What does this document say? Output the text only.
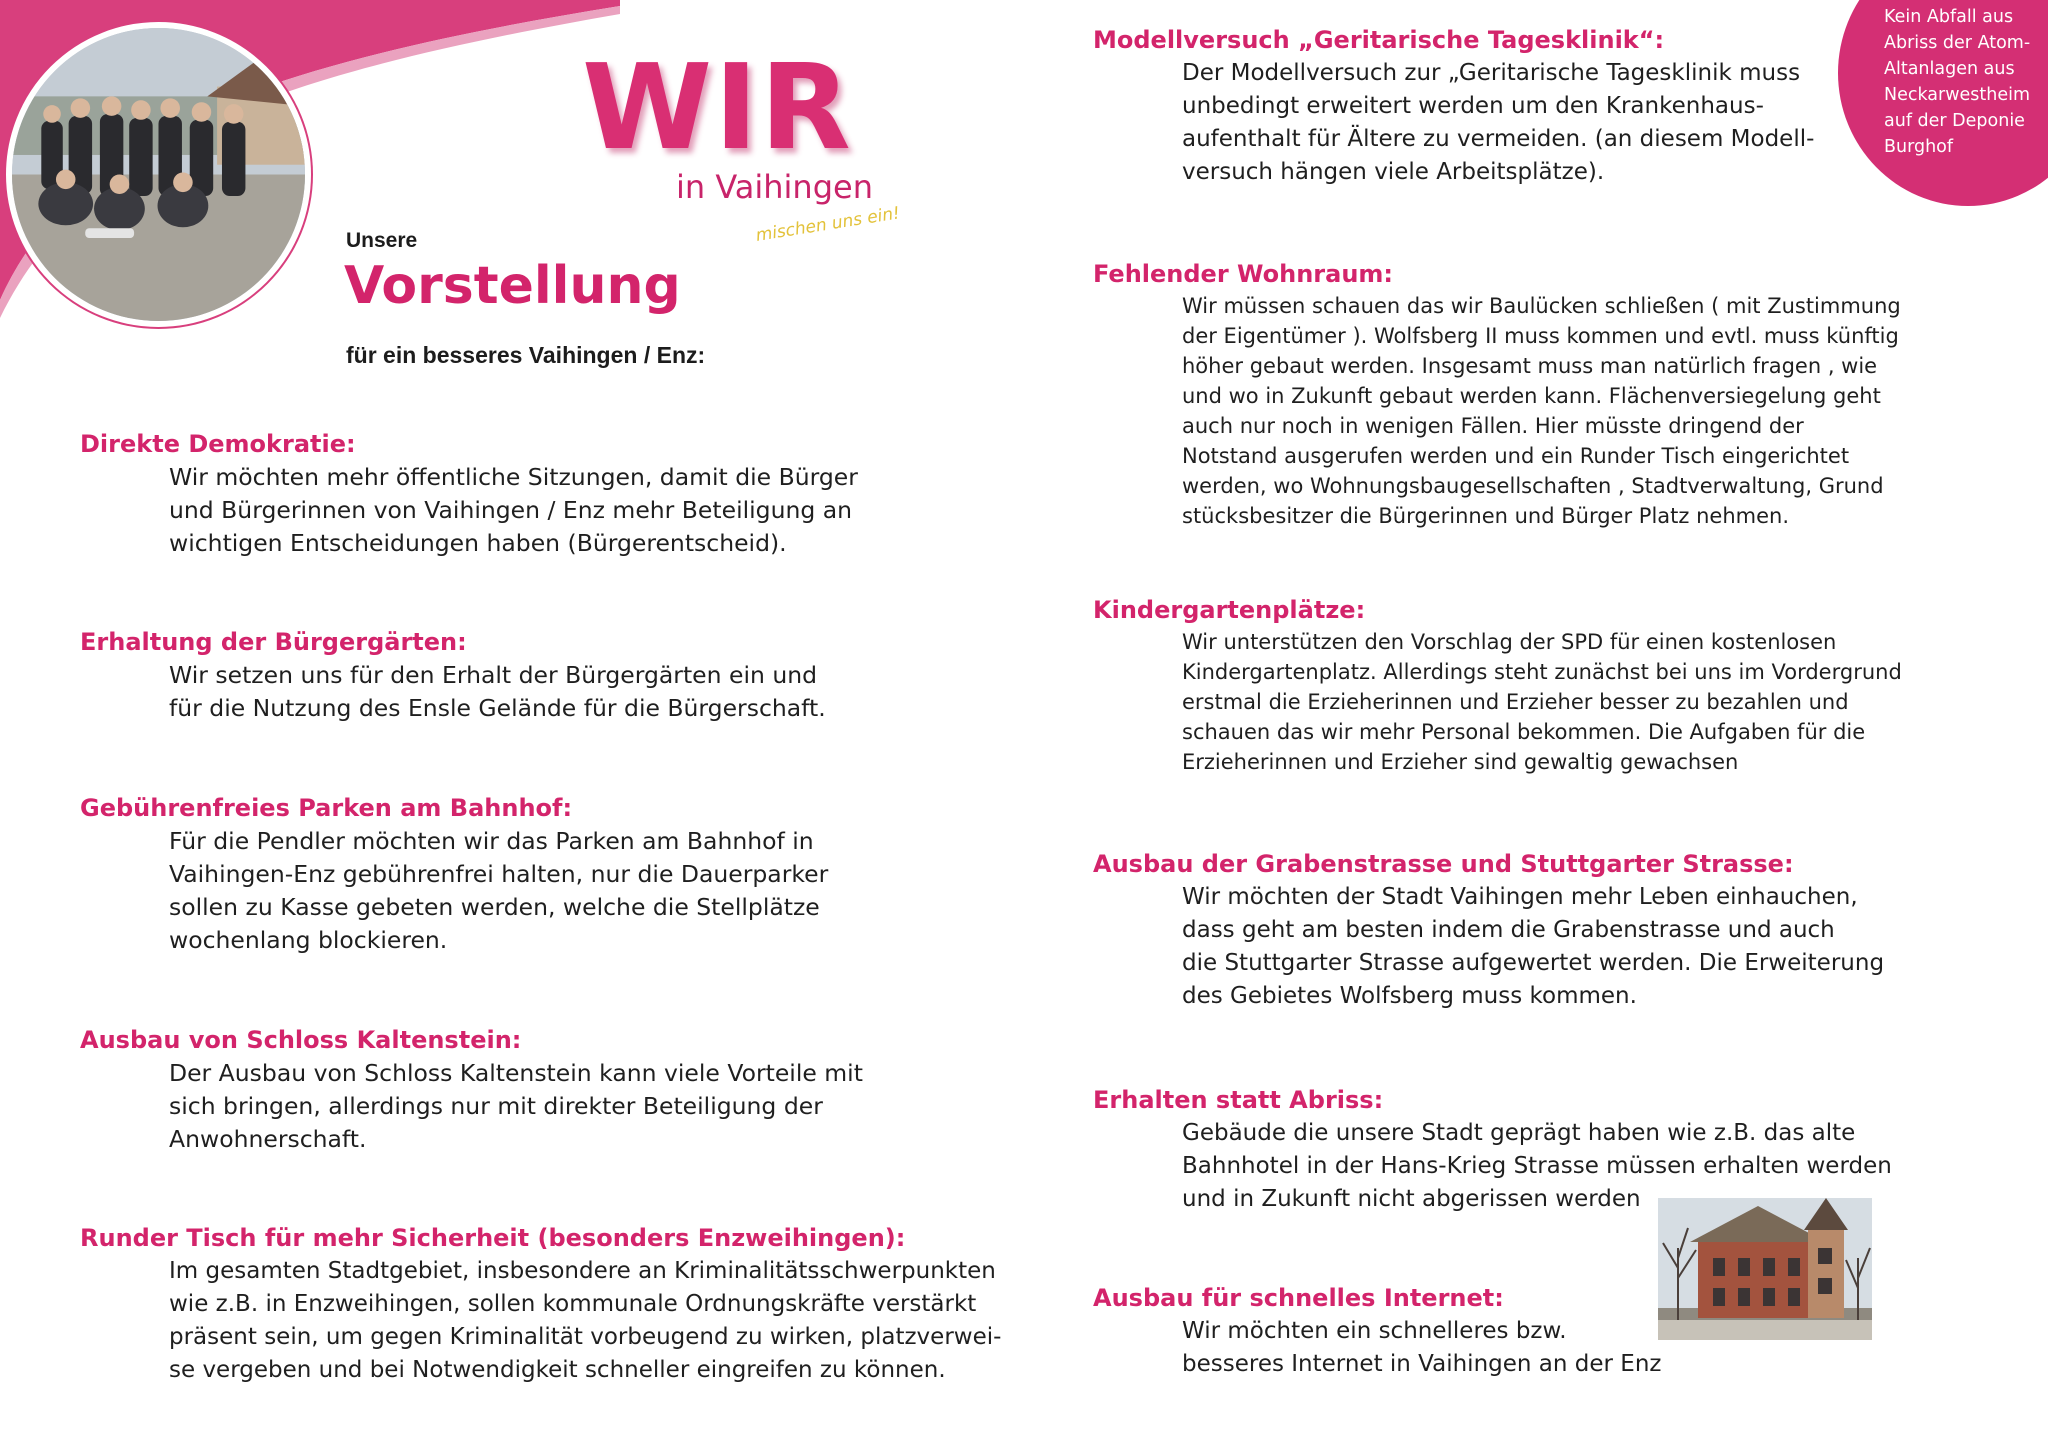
WIR
in Vaihingen
mischen uns ein!
Unsere
Vorstellung
für ein besseres Vaihingen / Enz:
Direkte Demokratie:

Wir möchten mehr öffentliche Sitzungen, damit die Bürger
und Bürgerinnen von Vaihingen / Enz mehr Beteiligung an
wichtigen Entscheidungen haben (Bürgerentscheid).

Erhaltung der Bürgergärten:

Wir setzen uns für den Erhalt der Bürgergärten ein und
für die Nutzung des Ensle Gelände für die Bürgerschaft.

Gebührenfreies Parken am Bahnhof:

Für die Pendler möchten wir das Parken am Bahnhof in
Vaihingen-Enz gebührenfrei halten, nur die Dauerparker
sollen zu Kasse gebeten werden, welche die Stellplätze
wochenlang blockieren.

Ausbau von Schloss Kaltenstein:

Der Ausbau von Schloss Kaltenstein kann viele Vorteile mit
sich bringen, allerdings nur mit direkter Beteiligung der
Anwohnerschaft.

Runder Tisch für mehr Sicherheit (besonders Enzweihingen):

Im gesamten Stadtgebiet, insbesondere an Kriminalitätsschwerpunkten
wie z.B. in Enzweihingen, sollen kommunale Ordnungskräfte verstärkt
präsent sein, um gegen Kriminalität vorbeugend zu wirken, platzverwei-
se vergeben und bei Notwendigkeit schneller eingreifen zu können.

Modellversuch „Geritarische Tagesklinik“:

Der Modellversuch zur „Geritarische Tagesklinik muss
unbedingt erweitert werden um den Krankenhaus-
aufenthalt für Ältere zu vermeiden. (an diesem Modell-
versuch hängen viele Arbeitsplätze).

Fehlender Wohnraum:

Wir müssen schauen das wir Baulücken schließen ( mit Zustimmung
der Eigentümer ). Wolfsberg II muss kommen und evtl. muss künftig
höher gebaut werden. Insgesamt muss man natürlich fragen , wie
und wo in Zukunft gebaut werden kann. Flächenversiegelung geht
auch nur noch in wenigen Fällen. Hier müsste dringend der
Notstand ausgerufen werden und ein Runder Tisch eingerichtet
werden, wo Wohnungsbaugesellschaften , Stadtverwaltung, Grund
stücksbesitzer die Bürgerinnen und Bürger Platz nehmen.

Kindergartenplätze:

Wir unterstützen den Vorschlag der SPD für einen kostenlosen
Kindergartenplatz. Allerdings steht zunächst bei uns im Vordergrund
erstmal die Erzieherinnen und Erzieher besser zu bezahlen und
schauen das wir mehr Personal bekommen. Die Aufgaben für die
Erzieherinnen und Erzieher sind gewaltig gewachsen

Ausbau der Grabenstrasse und Stuttgarter Strasse:

Wir möchten der Stadt Vaihingen mehr Leben einhauchen,
dass geht am besten indem die Grabenstrasse und auch
die Stuttgarter Strasse aufgewertet werden. Die Erweiterung
des Gebietes Wolfsberg muss kommen.

Erhalten statt Abriss:

Gebäude die unsere Stadt geprägt haben wie z.B. das alte
Bahnhotel in der Hans-Krieg Strasse müssen erhalten werden
und in Zukunft nicht abgerissen werden

Ausbau für schnelles Internet:

Wir möchten ein schnelleres bzw.
besseres Internet in Vaihingen an der Enz

Kein Abfall aus Abriss der Atom-Altanlagen aus Neckarwestheim auf der Deponie Burghof
